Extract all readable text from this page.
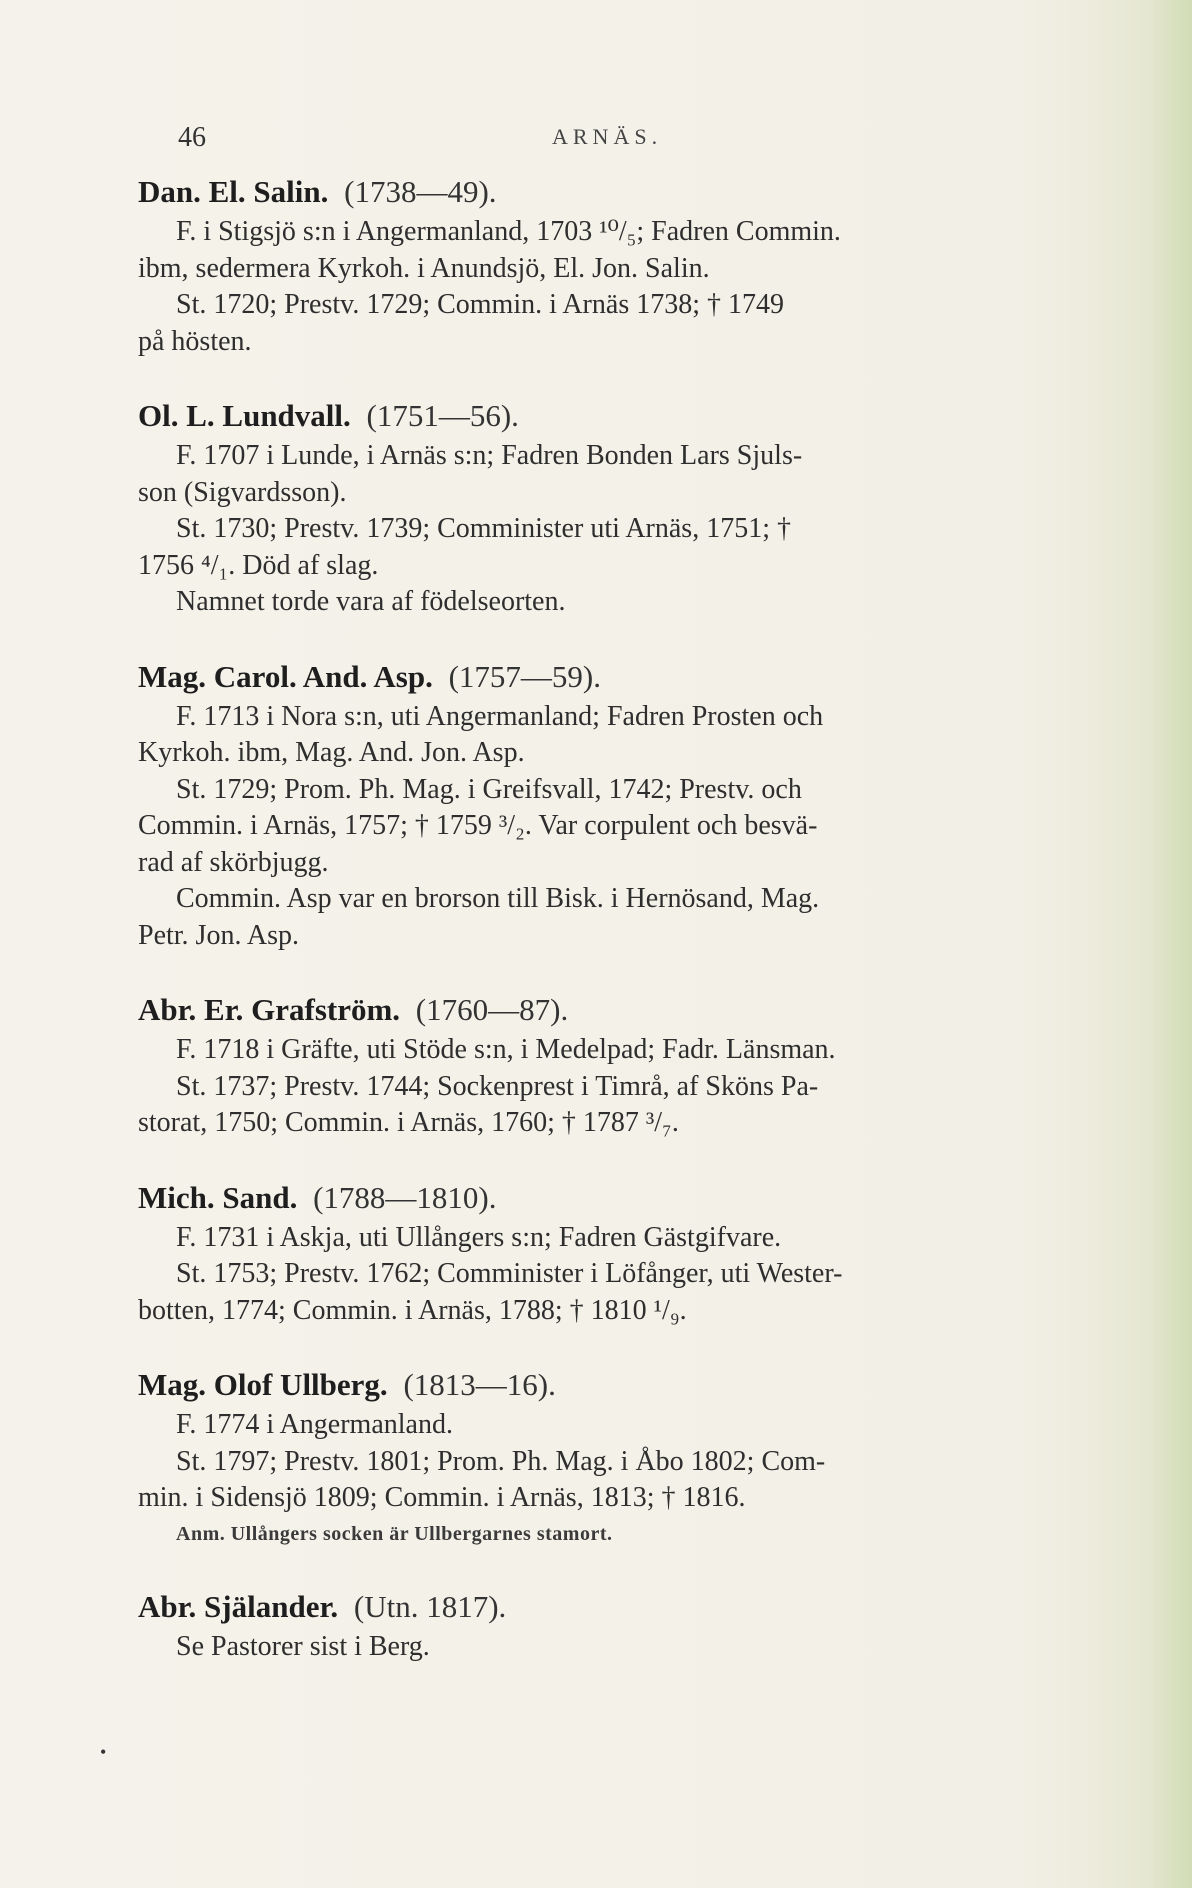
46	ARNÄS.
Dan. El. Salin. (1738—49).
F. i Stigsjö s:n i Angermanland, 1703 ¹⁰/₅; Fadren Commin.
ibm, sedermera Kyrkoh. i Anundsjö, El. Jon. Salin.
St. 1720; Prestv. 1729; Commin. i Arnäs 1738; † 1749
på hösten.
Ol. L. Lundvall. (1751—56).
F. 1707 i Lunde, i Arnäs s:n; Fadren Bonden Lars Sjuls-
son (Sigvardsson).
St. 1730; Prestv. 1739; Comminister uti Arnäs, 1751; †
1756 ⁴/₁. Död af slag.
Namnet torde vara af födelseorten.
Mag. Carol. And. Asp. (1757—59).
F. 1713 i Nora s:n, uti Angermanland; Fadren Prosten och
Kyrkoh. ibm, Mag. And. Jon. Asp.
St. 1729; Prom. Ph. Mag. i Greifsvall, 1742; Prestv. och
Commin. i Arnäs, 1757; † 1759 ³/₂. Var corpulent och besvä-
rad af skörbjugg.
Commin. Asp var en brorson till Bisk. i Hernösand, Mag.
Petr. Jon. Asp.
Abr. Er. Grafström. (1760—87).
F. 1718 i Gräfte, uti Stöde s:n, i Medelpad; Fadr. Länsman.
St. 1737; Prestv. 1744; Sockenprest i Timrå, af Sköns Pa-
storat, 1750; Commin. i Arnäs, 1760; † 1787 ³/₇.
Mich. Sand. (1788—1810).
F. 1731 i Askja, uti Ullångers s:n; Fadren Gästgifvare.
St. 1753; Prestv. 1762; Comminister i Löfånger, uti Wester-
botten, 1774; Commin. i Arnäs, 1788; † 1810 ¹/₉.
Mag. Olof Ullberg. (1813—16).
F. 1774 i Angermanland.
St. 1797; Prestv. 1801; Prom. Ph. Mag. i Åbo 1802; Com-
min. i Sidensjö 1809; Commin. i Arnäs, 1813; † 1816.
Anm. Ullångers socken är Ullbergarnes stamort.
Abr. Själander. (Utn. 1817).
Se Pastorer sist i Berg.
•
